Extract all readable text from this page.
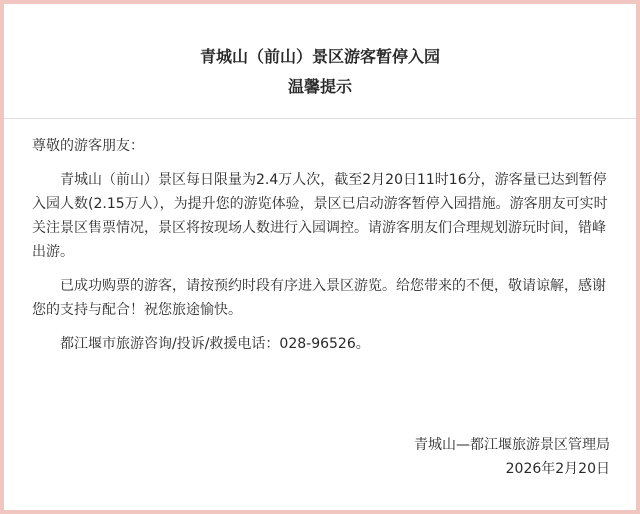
青城山（前山）景区游客暂停入园
温馨提示
尊敬的游客朋友：

青城山（前山）景区每日限量为2.4万人次，截至2月20日11时16分，游客量已达到暂停入园人数(2.15万人），为提升您的游览体验，景区已启动游客暂停入园措施。游客朋友可实时关注景区售票情况，景区将按现场人数进行入园调控。请游客朋友们合理规划游玩时间，错峰出游。

已成功购票的游客，请按预约时段有序进入景区游览。给您带来的不便，敬请谅解，感谢您的支持与配合！祝您旅途愉快。

都江堰市旅游咨询/投诉/救援电话：028-96526。

青城山—都江堰旅游景区管理局
2026年2月20日
